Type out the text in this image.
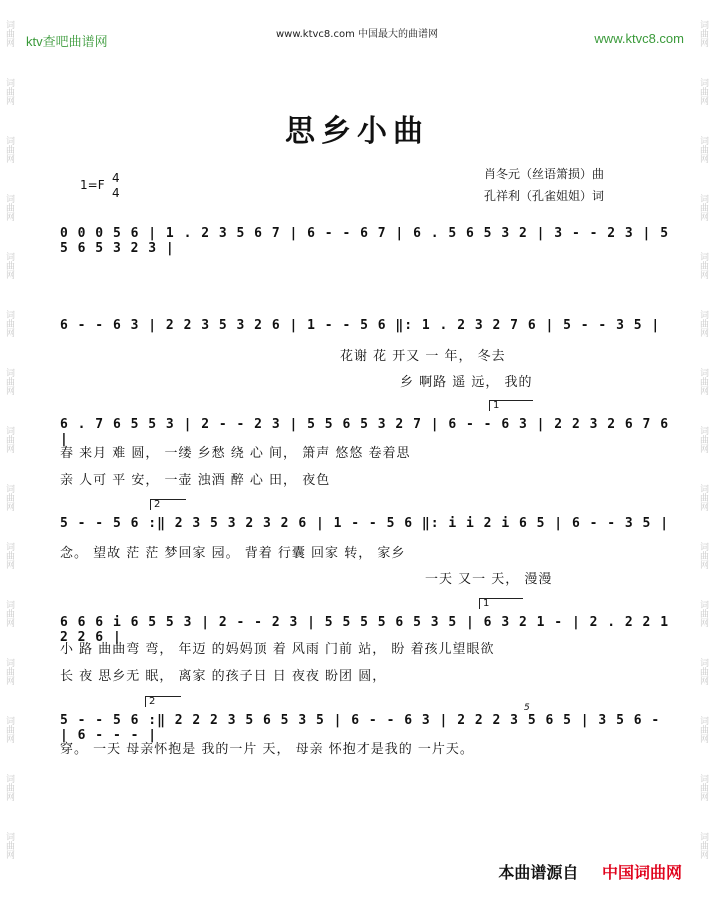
ktv查吧曲谱网	www.ktvc8.com 中国最大的曲谱网	www.ktvc8.com
词曲网
词曲网
词曲网
词曲网
词曲网
词曲网
词曲网
词曲网
词曲网
词曲网
词曲网
词曲网
词曲网
词曲网
词曲网
词曲网
词曲网
词曲网
词曲网
词曲网
词曲网
词曲网
词曲网
词曲网
词曲网
词曲网
词曲网
词曲网
词曲网
词曲网
思乡小曲
1=F 4
4
肖冬元（丝语箫损）曲
孔祥利（孔雀姐姐）词
0 0 0 5 6 | 1 . 2 3 5 6 7 | 6 - - 6 7 | 6 . 5 6 5 3 2 | 3 - - 2 3 | 5 5 6 5 3 2 3 |
6 - - 6 3 | 2 2 3 5 3 2 6 | 1 - - 5 6 ‖: 1 . 2 3 2 7 6 | 5 - - 3 5 |
花谢 花 开又 一 年， 冬去
乡 啊路 遥 远， 我的
1
6 . 7 6 5 5 3 | 2 - - 2 3 | 5 5 6 5 3 2 7 | 6 - - 6 3 | 2 2 3 2 6 7 6 |
春 来月 难 圆， 一缕 乡愁 绕 心 间， 箫声 悠悠 卷着思
亲 人可 平 安， 一壶 浊酒 醉 心 田， 夜色
2
5 - - 5 6 :‖ 2 3 5 3 2 3 2 6 | 1 - - 5 6 ‖: i i 2 i 6 5 | 6 - - 3 5 |
念。 望故 茫 茫 梦回家 园。 背着 行囊 回家 转， 家乡
一天 又一 天， 漫漫
1
6 6 6 i 6 5 5 3 | 2 - - 2 3 | 5 5 5 5 6 5 3 5 | 6 3 2 1 - | 2 . 2 2 1 2 2 6 |
小 路 曲曲弯 弯， 年迈 的妈妈顶 着 风雨 门前 站， 盼 着孩儿望眼欲
长 夜 思乡无 眠， 离家 的孩子日 日 夜夜 盼团 圆，
2
5
5 - - 5 6 :‖ 2 2 2 3 5 6 5 3 5 | 6 - - 6 3 | 2 2 2 3 5 6 5 | 3 5 6 - | 6 - - - |
穿。 一天 母亲怀抱是 我的一片 天， 母亲 怀抱才是我的 一片天。
本曲谱源自 中国词曲网
